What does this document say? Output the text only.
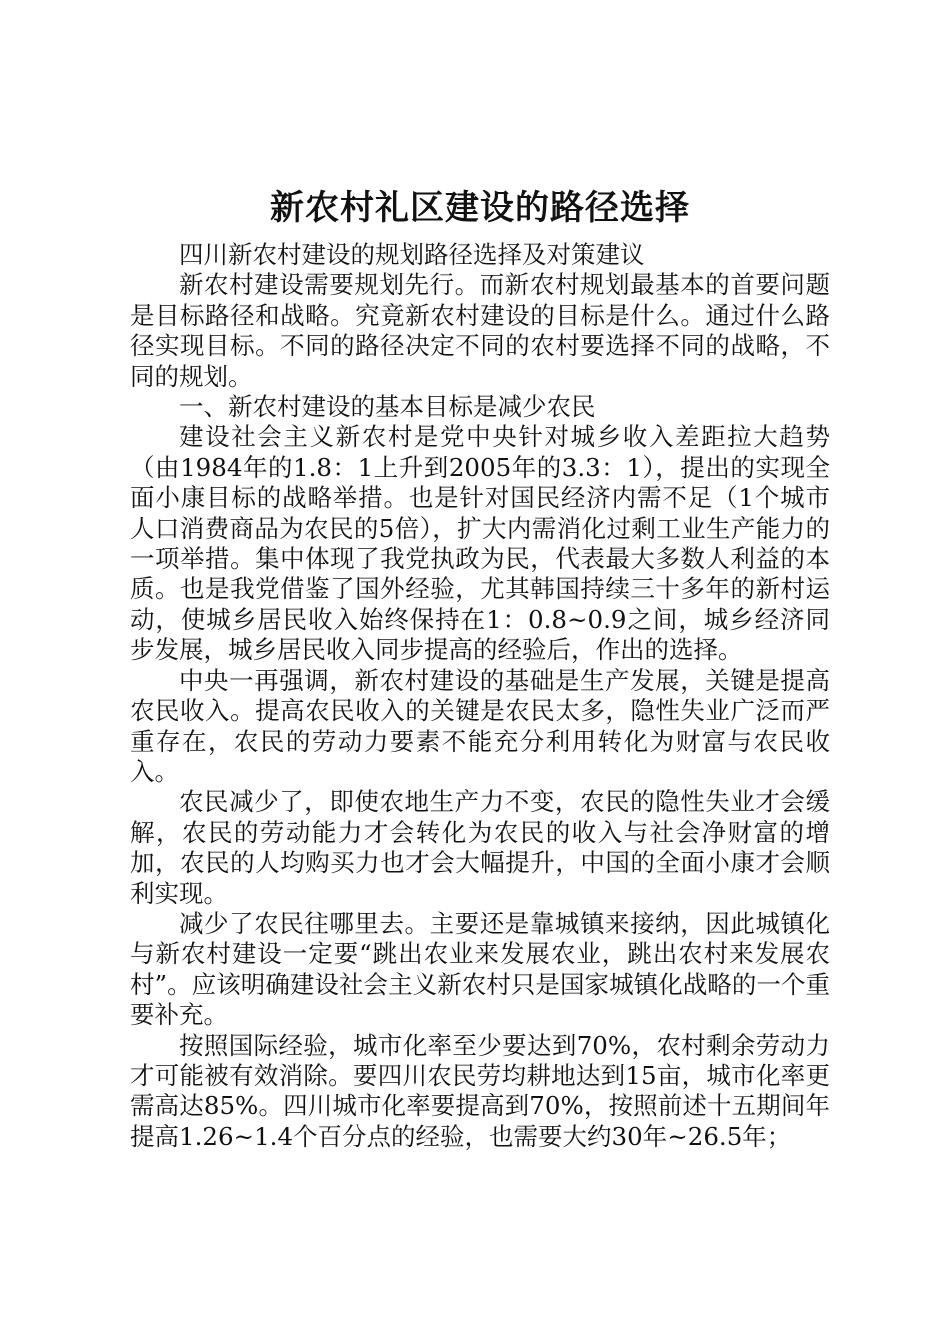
新农村礼区建设的路径选择

四川新农村建设的规划路径选择及对策建议

新农村建设需要规划先行。而新农村规划最基本的首要问题是目标路径和战略。究竟新农村建设的目标是什么。通过什么路径实现目标。不同的路径决定不同的农村要选择不同的战略，不同的规划。

一、新农村建设的基本目标是减少农民

建设社会主义新农村是党中央针对城乡收入差距拉大趋势（由1984年的1.8：1上升到2005年的3.3：1），提出的实现全面小康目标的战略举措。也是针对国民经济内需不足（1个城市人口消费商品为农民的5倍），扩大内需消化过剩工业生产能力的一项举措。集中体现了我党执政为民，代表最大多数人利益的本质。也是我党借鉴了国外经验，尤其韩国持续三十多年的新村运动，使城乡居民收入始终保持在1：0.8~0.9之间，城乡经济同步发展，城乡居民收入同步提高的经验后，作出的选择。

中央一再强调，新农村建设的基础是生产发展，关键是提高农民收入。提高农民收入的关键是农民太多，隐性失业广泛而严重存在，农民的劳动力要素不能充分利用转化为财富与农民收入。

农民减少了，即使农地生产力不变，农民的隐性失业才会缓解，农民的劳动能力才会转化为农民的收入与社会净财富的增加，农民的人均购买力也才会大幅提升，中国的全面小康才会顺利实现。

减少了农民往哪里去。主要还是靠城镇来接纳，因此城镇化与新农村建设一定要“跳出农业来发展农业，跳出农村来发展农村”。应该明确建设社会主义新农村只是国家城镇化战略的一个重要补充。

按照国际经验，城市化率至少要达到70%，农村剩余劳动力才可能被有效消除。要四川农民劳均耕地达到15亩，城市化率更需高达85%。四川城市化率要提高到70%，按照前述十五期间年提高1.26~1.4个百分点的经验，也需要大约30年~26.5年；
